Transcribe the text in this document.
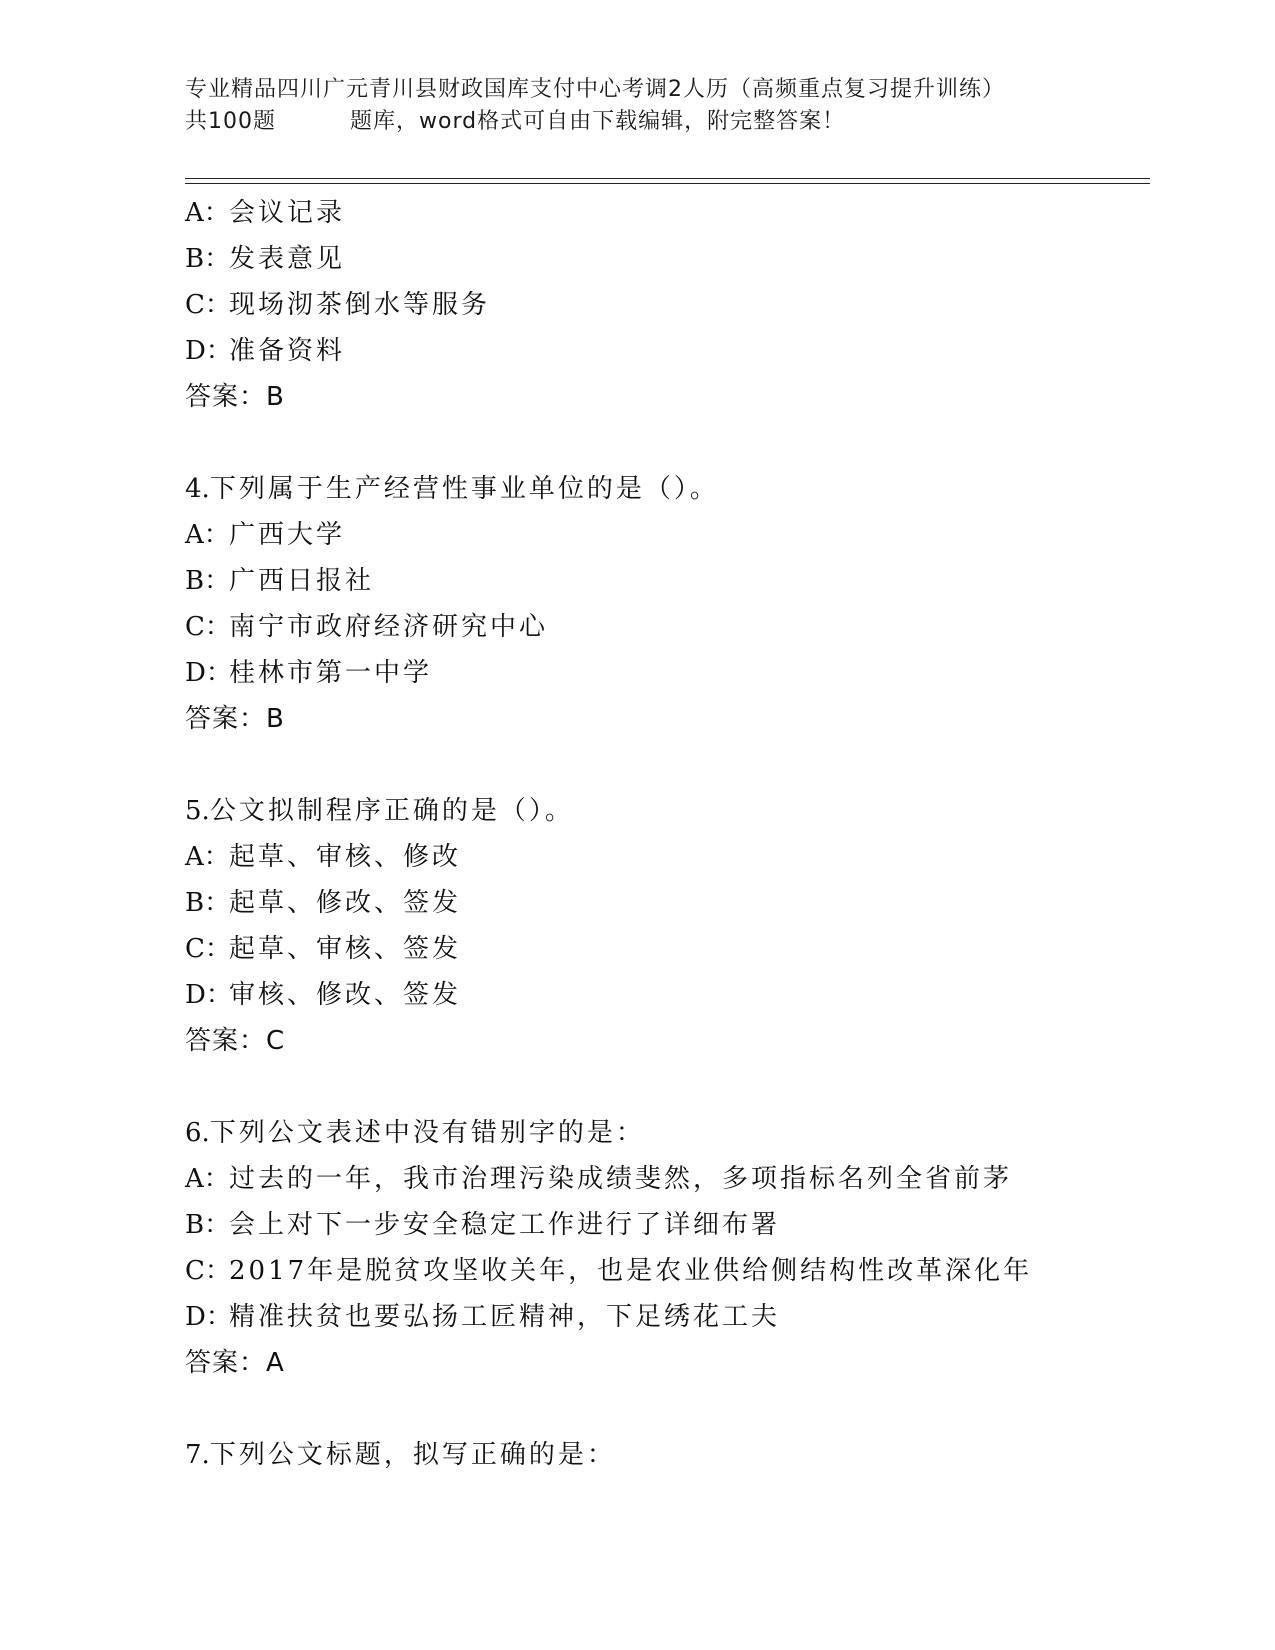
专业精品四川广元青川县财政国库支付中心考调2人历（高频重点复习提升训练）
共100题	题库，word格式可自由下载编辑，附完整答案！
A：会议记录
B：发表意见
C：现场沏茶倒水等服务
D：准备资料
答案：B
4.下列属于生产经营性事业单位的是（）。
A：广西大学
B：广西日报社
C：南宁市政府经济研究中心
D：桂林市第一中学
答案：B
5.公文拟制程序正确的是（）。
A：起草、审核、修改
B：起草、修改、签发
C：起草、审核、签发
D：审核、修改、签发
答案：C
6.下列公文表述中没有错别字的是：
A：过去的一年，我市治理污染成绩斐然，多项指标名列全省前茅
B：会上对下一步安全稳定工作进行了详细布署
C：2017年是脱贫攻坚收关年，也是农业供给侧结构性改革深化年
D：精准扶贫也要弘扬工匠精神，下足绣花工夫
答案：A
7.下列公文标题，拟写正确的是：
